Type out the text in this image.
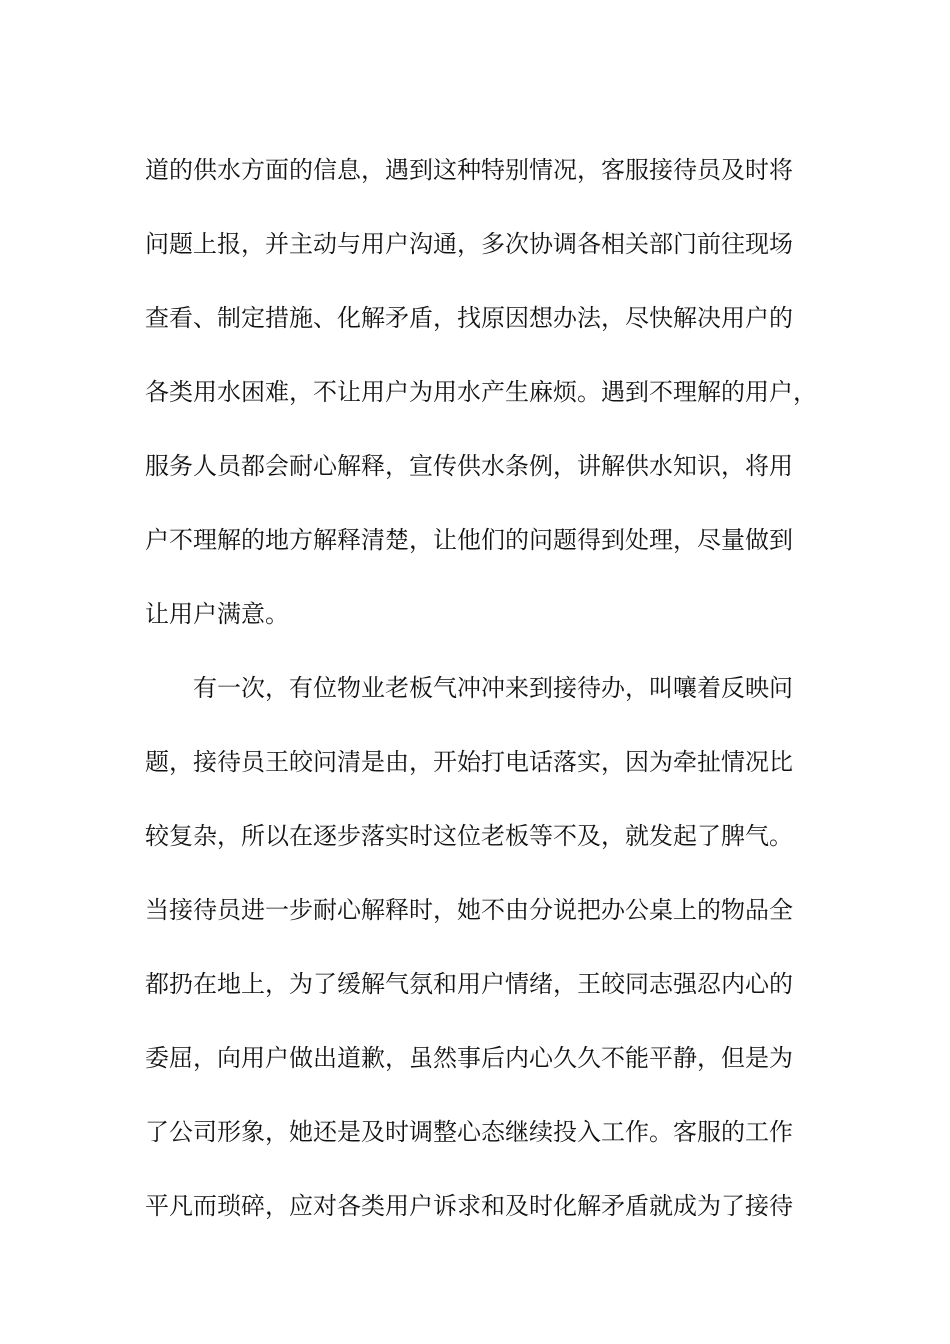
道的供水方面的信息，遇到这种特别情况，客服接待员及时将
问题上报，并主动与用户沟通，多次协调各相关部门前往现场
查看、制定措施、化解矛盾，找原因想办法，尽快解决用户的
各类用水困难，不让用户为用水产生麻烦。遇到不理解的用户，
服务人员都会耐心解释，宣传供水条例，讲解供水知识，将用
户不理解的地方解释清楚，让他们的问题得到处理，尽量做到
让用户满意。
有一次，有位物业老板气冲冲来到接待办，叫嚷着反映问
题，接待员王皎问清是由，开始打电话落实，因为牵扯情况比
较复杂，所以在逐步落实时这位老板等不及，就发起了脾气。
当接待员进一步耐心解释时，她不由分说把办公桌上的物品全
都扔在地上，为了缓解气氛和用户情绪，王皎同志强忍内心的
委屈，向用户做出道歉，虽然事后内心久久不能平静，但是为
了公司形象，她还是及时调整心态继续投入工作。客服的工作
平凡而琐碎，应对各类用户诉求和及时化解矛盾就成为了接待
